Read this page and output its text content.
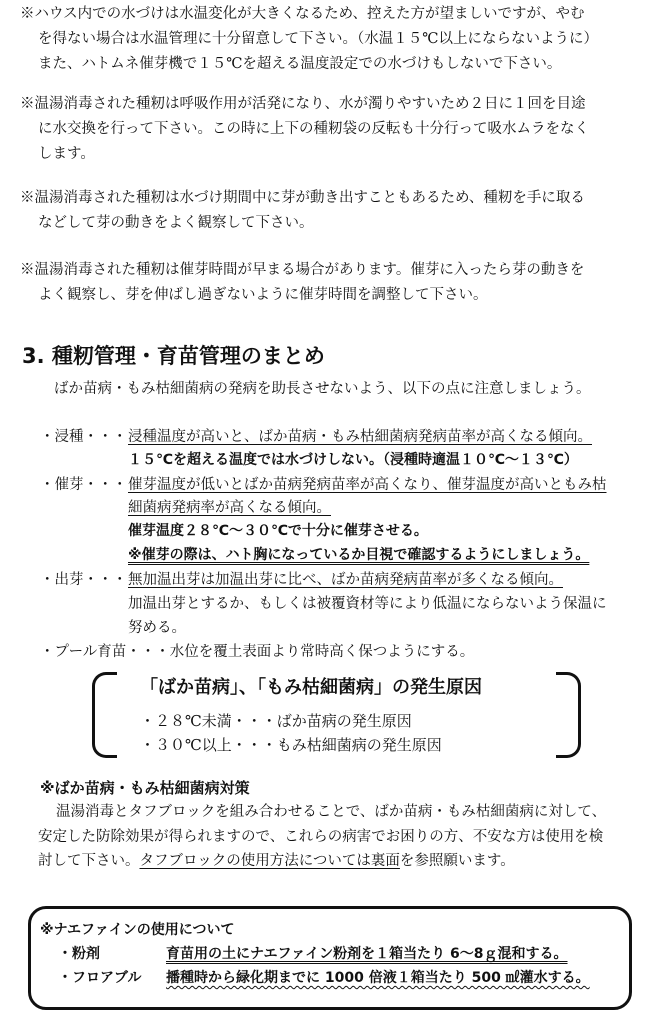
※ハウス内での水づけは水温変化が大きくなるため、控えた方が望ましいですが、やむ
を得ない場合は水温管理に十分留意して下さい。（水温１５℃以上にならないように）
また、ハトムネ催芽機で１５℃を超える温度設定での水づけもしないで下さい。
※温湯消毒された種籾は呼吸作用が活発になり、水が濁りやすいため２日に１回を目途
に水交換を行って下さい。この時に上下の種籾袋の反転も十分行って吸水ムラをなく
します。
※温湯消毒された種籾は水づけ期間中に芽が動き出すこともあるため、種籾を手に取る
などして芽の動きをよく観察して下さい。
※温湯消毒された種籾は催芽時間が早まる場合があります。催芽に入ったら芽の動きを
よく観察し、芽を伸ばし過ぎないように催芽時間を調整して下さい。
3. 種籾管理・育苗管理のまとめ
ばか苗病・もみ枯細菌病の発病を助長させないよう、以下の点に注意しましょう。
・浸種・・・ 浸種温度が高いと、ばか苗病・もみ枯細菌病発病苗率が高くなる傾向。
１５℃を超える温度では水づけしない。（浸種時適温１０℃～１３℃）
・催芽・・・ 催芽温度が低いとばか苗病発病苗率が高くなり、催芽温度が高いともみ枯
細菌病発病率が高くなる傾向。
催芽温度２８℃～３０℃で十分に催芽させる。
※催芽の際は、ハト胸になっているか目視で確認するようにしましょう。
・出芽・・・ 無加温出芽は加温出芽に比べ、ばか苗病発病苗率が多くなる傾向。
加温出芽とするか、もしくは被覆資材等により低温にならないよう保温に
努める。
・プール育苗・・・水位を覆土表面より常時高く保つようにする。
「ばか苗病」、「もみ枯細菌病」の発生原因
・２８℃未満・・・ばか苗病の発生原因
・３０℃以上・・・もみ枯細菌病の発生原因
※ばか苗病・もみ枯細菌病対策
温湯消毒とタフブロックを組み合わせることで、ばか苗病・もみ枯細菌病に対して、
安定した防除効果が得られますので、これらの病害でお困りの方、不安な方は使用を検
討して下さい。タフブロックの使用方法については裏面を参照願います。
※ナエファインの使用について
・粉剤	育苗用の土にナエファイン粉剤を１箱当たり 6～8ｇ混和する。
・フロアブル 播種時から緑化期までに 1000 倍液１箱当たり 500 ㎖灌水する。
